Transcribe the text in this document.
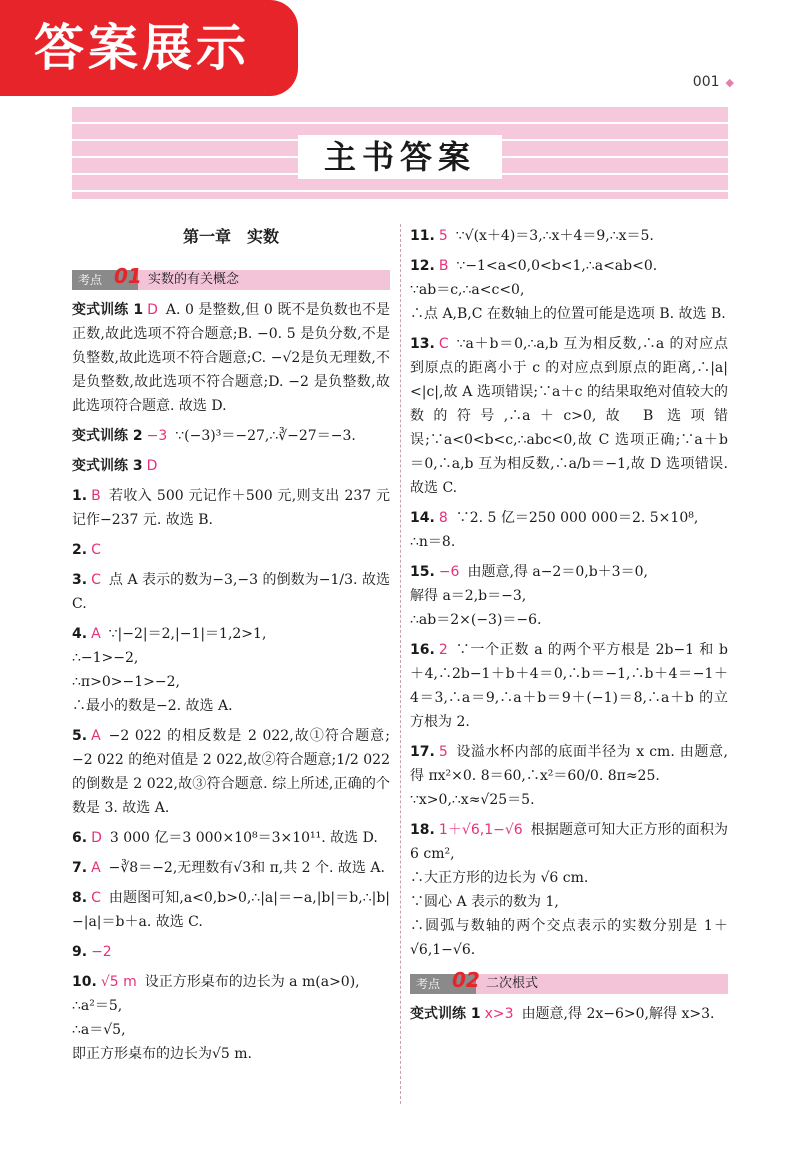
答案展示
001 ◆
主书答案
第一章　实数
考点 01 实数的有关概念
变式训练 1 D A. 0 是整数,但 0 既不是负数也不是正数,故此选项不符合题意;B. −0. 5 是负分数,不是负整数,故此选项不符合题意;C. −√2是负无理数,不是负整数,故此选项不符合题意;D. −2 是负整数,故此选项符合题意. 故选 D.
变式训练 2 −3 ∵(−3)³＝−27,∴∛−27＝−3.
变式训练 3 D
1. B 若收入 500 元记作＋500 元,则支出 237 元记作−237 元. 故选 B.
2. C
3. C 点 A 表示的数为−3,−3 的倒数为−1/3. 故选 C.
4. A ∵|−2|＝2,|−1|＝1,2>1,
∴−1>−2,
∴π>0>−1>−2,
∴最小的数是−2. 故选 A.
5. A −2 022 的相反数是 2 022,故①符合题意;−2 022 的绝对值是 2 022,故②符合题意;1/2 022 的倒数是 2 022,故③符合题意. 综上所述,正确的个数是 3. 故选 A.
6. D 3 000 亿＝3 000×10⁸＝3×10¹¹. 故选 D.
7. A −∛8＝−2,无理数有√3和 π,共 2 个. 故选 A.
8. C 由题图可知,a<0,b>0,∴|a|＝−a,|b|＝b,∴|b|−|a|＝b＋a. 故选 C.
9. −2
10. √5 m 设正方形桌布的边长为 a m(a>0),
∴a²＝5,
∴a＝√5,
即正方形桌布的边长为√5 m.
11. 5 ∵√(x＋4)＝3,∴x＋4＝9,∴x＝5.
12. B ∵−1<a<0,0<b<1,∴a<ab<0.
∵ab＝c,∴a<c<0,
∴点 A,B,C 在数轴上的位置可能是选项 B. 故选 B.
13. C ∵a＋b＝0,∴a,b 互为相反数,∴a 的对应点到原点的距离小于 c 的对应点到原点的距离,∴|a|<|c|,故 A 选项错误;∵a＋c 的结果取绝对值较大的数的符号,∴a＋c>0,故 B 选项错误;∵a<0<b<c,∴abc<0,故 C 选项正确;∵a＋b＝0,∴a,b 互为相反数,∴a/b＝−1,故 D 选项错误. 故选 C.
14. 8 ∵2. 5 亿＝250 000 000＝2. 5×10⁸,
∴n＝8.
15. −6 由题意,得 a−2＝0,b＋3＝0,
解得 a＝2,b＝−3,
∴ab＝2×(−3)＝−6.
16. 2 ∵一个正数 a 的两个平方根是 2b−1 和 b＋4,∴2b−1＋b＋4＝0,∴b＝−1,∴b＋4＝−1＋4＝3,∴a＝9,∴a＋b＝9＋(−1)＝8,∴a＋b 的立方根为 2.
17. 5 设溢水杯内部的底面半径为 x cm. 由题意,得 πx²×0. 8＝60,∴x²＝60/0. 8π≈25.
∵x>0,∴x≈√25＝5.
18. 1＋√6,1−√6 根据题意可知大正方形的面积为 6 cm²,
∴大正方形的边长为 √6 cm.
∵圆心 A 表示的数为 1,
∴圆弧与数轴的两个交点表示的实数分别是 1＋√6,1−√6.
考点 02 二次根式
变式训练 1 x>3 由题意,得 2x−6>0,解得 x>3.
